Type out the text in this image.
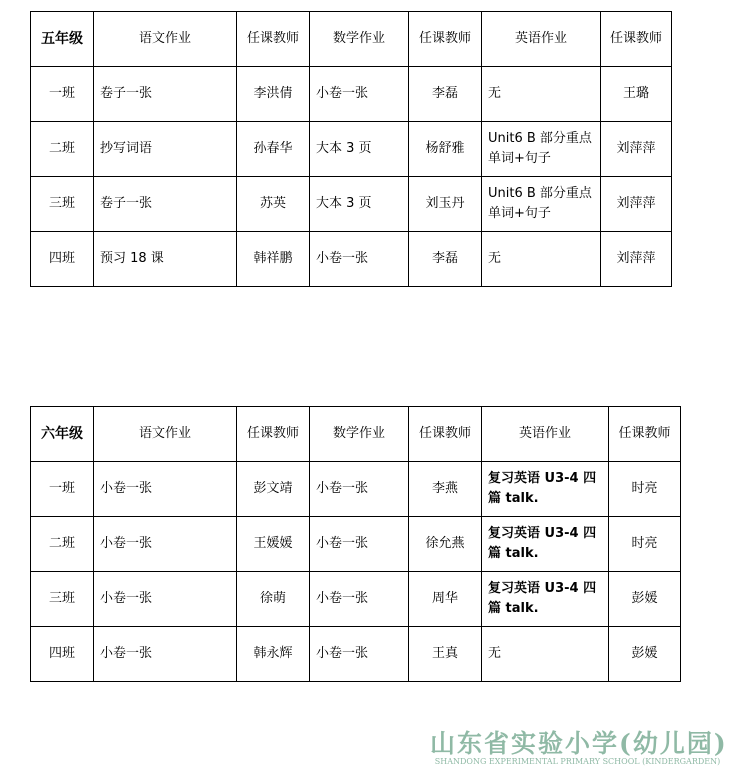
五年级	语文作业	任课教师	数学作业	任课教师	英语作业	任课教师
一班	卷子一张	李洪倩	小卷一张	李磊	无	王璐
二班	抄写词语	孙春华	大本 3 页	杨舒雅	Unit6 B 部分重点单词+句子	刘萍萍
三班	卷子一张	苏英	大本 3 页	刘玉丹	Unit6 B 部分重点单词+句子	刘萍萍
四班	预习 18 课	韩祥鹏	小卷一张	李磊	无	刘萍萍
六年级	语文作业	任课教师	数学作业	任课教师	英语作业	任课教师
一班	小卷一张	彭文靖	小卷一张	李燕	复习英语 U3-4 四篇 talk.	时亮
二班	小卷一张	王媛媛	小卷一张	徐允燕	复习英语 U3-4 四篇 talk.	时亮
三班	小卷一张	徐萌	小卷一张	周华	复习英语 U3-4 四篇 talk.	彭媛
四班	小卷一张	韩永辉	小卷一张	王真	无	彭媛
山东省实验小学(幼儿园)
SHANDONG EXPERIMENTAL PRIMARY SCHOOL (KINDERGARDEN)
